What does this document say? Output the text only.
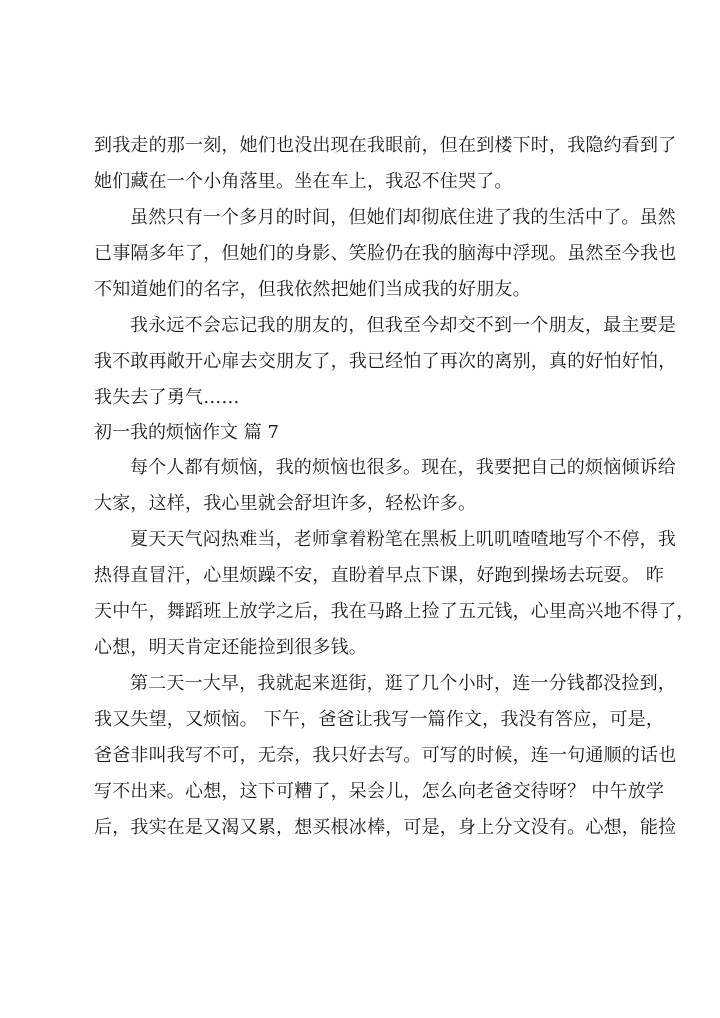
到我走的那一刻，她们也没出现在我眼前，但在到楼下时，我隐约看到了
她们藏在一个小角落里。坐在车上，我忍不住哭了。
虽然只有一个多月的时间，但她们却彻底住进了我的生活中了。虽然
已事隔多年了，但她们的身影、笑脸仍在我的脑海中浮现。虽然至今我也
不知道她们的名字，但我依然把她们当成我的好朋友。
我永远不会忘记我的朋友的，但我至今却交不到一个朋友，最主要是
我不敢再敞开心扉去交朋友了，我已经怕了再次的离别，真的好怕好怕，
我失去了勇气……
初一我的烦恼作文 篇 7
每个人都有烦恼，我的烦恼也很多。现在，我要把自己的烦恼倾诉给
大家，这样，我心里就会舒坦许多，轻松许多。
夏天天气闷热难当，老师拿着粉笔在黑板上叽叽喳喳地写个不停，我
热得直冒汗，心里烦躁不安，直盼着早点下课，好跑到操场去玩耍。 昨
天中午，舞蹈班上放学之后，我在马路上捡了五元钱，心里高兴地不得了，
心想，明天肯定还能捡到很多钱。
第二天一大早，我就起来逛街，逛了几个小时，连一分钱都没捡到，
我又失望，又烦恼。 下午，爸爸让我写一篇作文，我没有答应，可是，
爸爸非叫我写不可，无奈，我只好去写。可写的时候，连一句通顺的话也
写不出来。心想，这下可糟了，呆会儿，怎么向老爸交待呀？ 中午放学
后，我实在是又渴又累，想买根冰棒，可是，身上分文没有。心想，能捡
